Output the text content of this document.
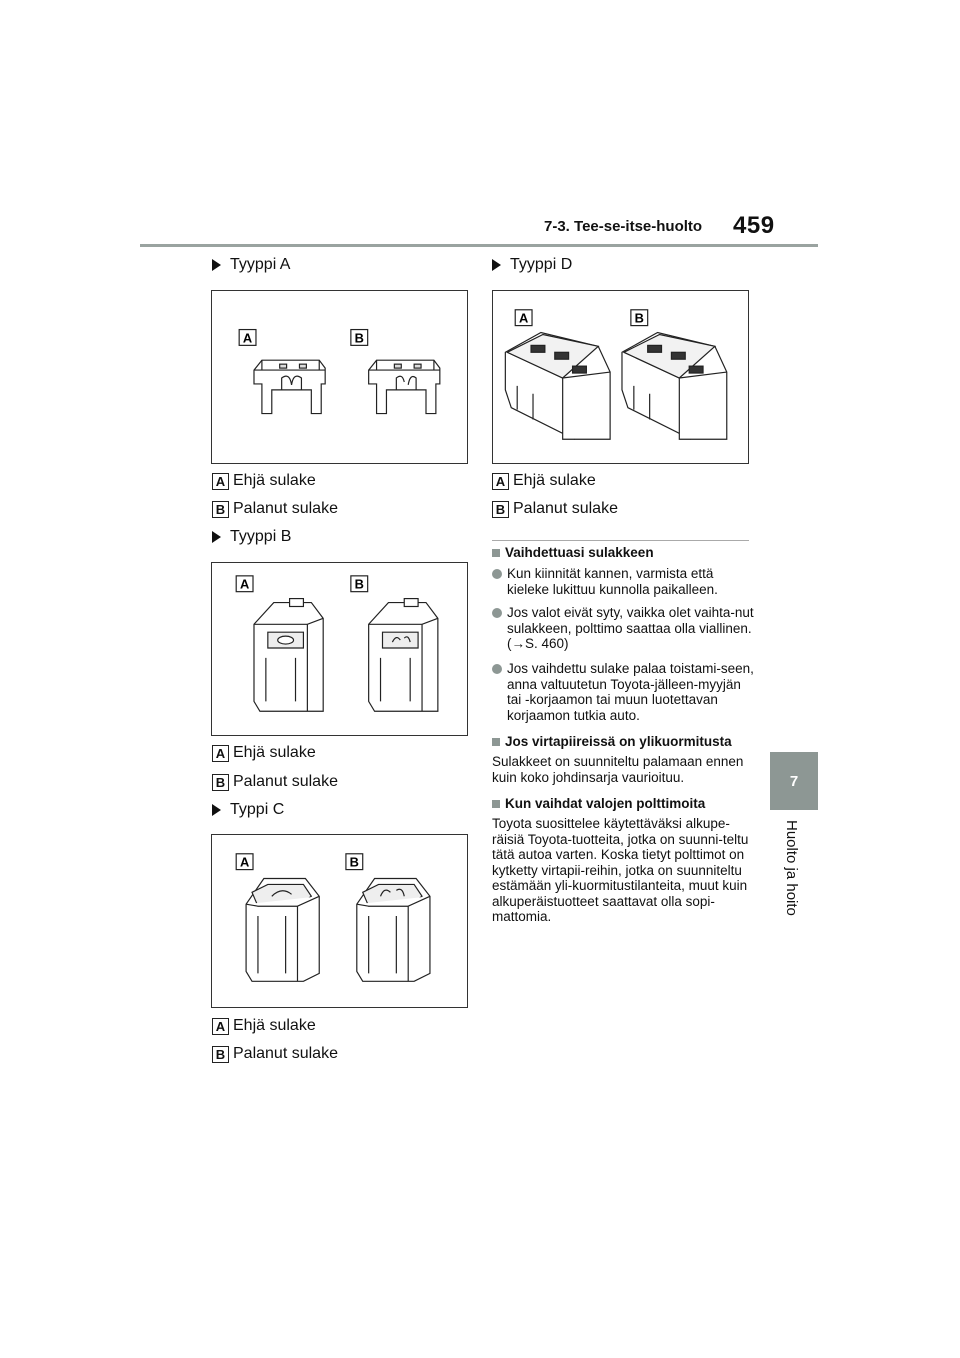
7-3. Tee-se-itse-huolto 459
7
Huolto ja hoito
Tyyppi A
A	B
A Ehjä sulake
B Palanut sulake
Tyyppi B
A	B
A Ehjä sulake
B Palanut sulake
Typpi C
A	B
A Ehjä sulake
B Palanut sulake
Tyyppi D
A	B
A Ehjä sulake
B Palanut sulake
Vaihdettuasi sulakkeen
Kun kiinnität kannen, varmista että kieleke lukittuu kunnolla paikalleen.
Jos valot eivät syty, vaikka olet vaihta-nut sulakkeen, polttimo saattaa olla viallinen. (→S. 460)
Jos vaihdettu sulake palaa toistami-seen, anna valtuutetun Toyota-jälleen-myyjän tai -korjaamon tai muun luotettavan korjaamon tutkia auto.
Jos virtapiireissä on ylikuormitusta
Sulakkeet on suunniteltu palamaan ennen kuin koko johdinsarja vaurioituu.
Kun vaihdat valojen polttimoita
Toyota suosittelee käytettäväksi alkupe-räisiä Toyota-tuotteita, jotka on suunni-teltu tätä autoa varten. Koska tietyt polttimot on kytketty virtapii-reihin, jotka on suunniteltu estämään yli-kuormitustilanteita, muut kuin alkuperäistuotteet saattavat olla sopi-mattomia.
